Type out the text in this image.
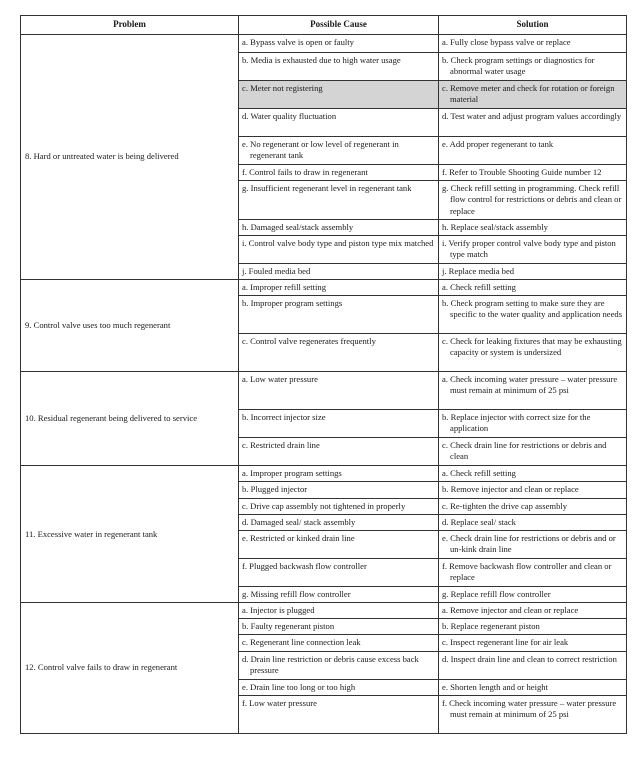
Problem	Possible Cause	Solution
8. Hard or untreated water is being delivered	a. Bypass valve is open or faulty	a. Fully close bypass valve or replace

	b. Media is exhausted due to high water usage	b. Check program settings or diagnostics for abnormal water usage

	c. Meter not registering	c. Remove meter and check for rotation or foreign material

	d. Water quality fluctuation	d. Test water and adjust program values accordingly

	e. No regenerant or low level of regenerant in regenerant tank	e. Add proper regenerant to tank

	f. Control fails to draw in regenerant	f. Refer to Trouble Shooting Guide number 12

	g. Insufficient regenerant level in regenerant tank	g. Check refill setting in programming. Check refill flow control for restrictions or debris and clean or replace

	h. Damaged seal/stack assembly	h. Replace seal/stack assembly

	i. Control valve body type and piston type mix matched	i. Verify proper control valve body type and piston type match

	j. Fouled media bed	j. Replace media bed

9. Control valve uses too much regenerant	a. Improper refill setting	a. Check refill setting

	b. Improper program settings	b. Check program setting to make sure they are specific to the water quality and application needs

	c. Control valve regenerates frequently	c. Check for leaking fixtures that may be exhausting capacity or system is undersized

10. Residual regenerant being delivered to service	a. Low water pressure	a. Check incoming water pressure – water pressure must remain at minimum of 25 psi

	b. Incorrect injector size	b. Replace injector with correct size for the application

	c. Restricted drain line	c. Check drain line for restrictions or debris and clean

11. Excessive water in regenerant tank	a. Improper program settings	a. Check refill setting

	b. Plugged injector	b. Remove injector and clean or replace

	c. Drive cap assembly not tightened in properly	c. Re-tighten the drive cap assembly

	d. Damaged seal/ stack assembly	d. Replace seal/ stack

	e. Restricted or kinked drain line	e. Check drain line for restrictions or debris and or un-kink drain line

	f. Plugged backwash flow controller	f. Remove backwash flow controller and clean or replace

	g. Missing refill flow controller	g. Replace refill flow controller

12. Control valve fails to draw in regenerant	a. Injector is plugged	a. Remove injector and clean or replace

	b. Faulty regenerant piston	b. Replace regenerant piston

	c. Regenerant line connection leak	c. Inspect regenerant line for air leak

	d. Drain line restriction or debris cause excess back pressure	d. Inspect drain line and clean to correct restriction

	e. Drain line too long or too high	e. Shorten length and or height

	f. Low water pressure	f. Check incoming water pressure – water pressure must remain at minimum of 25 psi
